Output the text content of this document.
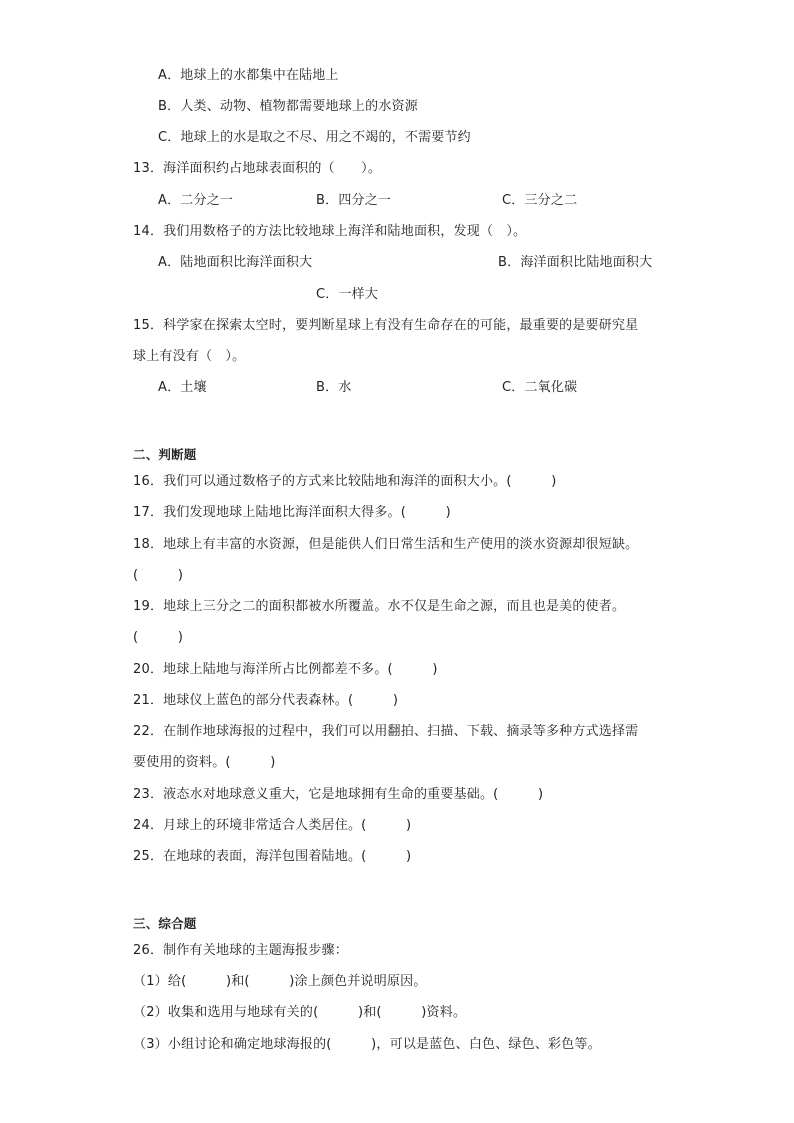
A．地球上的水都集中在陆地上
B．人类、动物、植物都需要地球上的水资源
C．地球上的水是取之不尽、用之不竭的，不需要节约
13．海洋面积约占地球表面积的（　　）。
A．二分之一	B．四分之一	C．三分之二
14．我们用数格子的方法比较地球上海洋和陆地面积，发现（　）。
A．陆地面积比海洋面积大	B．海洋面积比陆地面积大
C．一样大
15．科学家在探索太空时，要判断星球上有没有生命存在的可能，最重要的是要研究星
球上有没有（　）。
A．土壤	B．水	C．二氧化碳
二、判断题
16．我们可以通过数格子的方式来比较陆地和海洋的面积大小。(　　　)
17．我们发现地球上陆地比海洋面积大得多。(　　　)
18．地球上有丰富的水资源，但是能供人们日常生活和生产使用的淡水资源却很短缺。
(　　　)
19．地球上三分之二的面积都被水所覆盖。水不仅是生命之源，而且也是美的使者。
(　　　)
20．地球上陆地与海洋所占比例都差不多。(　　　)
21．地球仪上蓝色的部分代表森林。(　　　)
22．在制作地球海报的过程中，我们可以用翻拍、扫描、下载、摘录等多种方式选择需
要使用的资料。(　　　)
23．液态水对地球意义重大，它是地球拥有生命的重要基础。(　　　)
24．月球上的环境非常适合人类居住。(　　　)
25．在地球的表面，海洋包围着陆地。(　　　)
三、综合题
26．制作有关地球的主题海报步骤：
（1）给(　　　)和(　　　)涂上颜色并说明原因。
（2）收集和选用与地球有关的(　　　)和(　　　)资料。
（3）小组讨论和确定地球海报的(　　　)，可以是蓝色、白色、绿色、彩色等。
